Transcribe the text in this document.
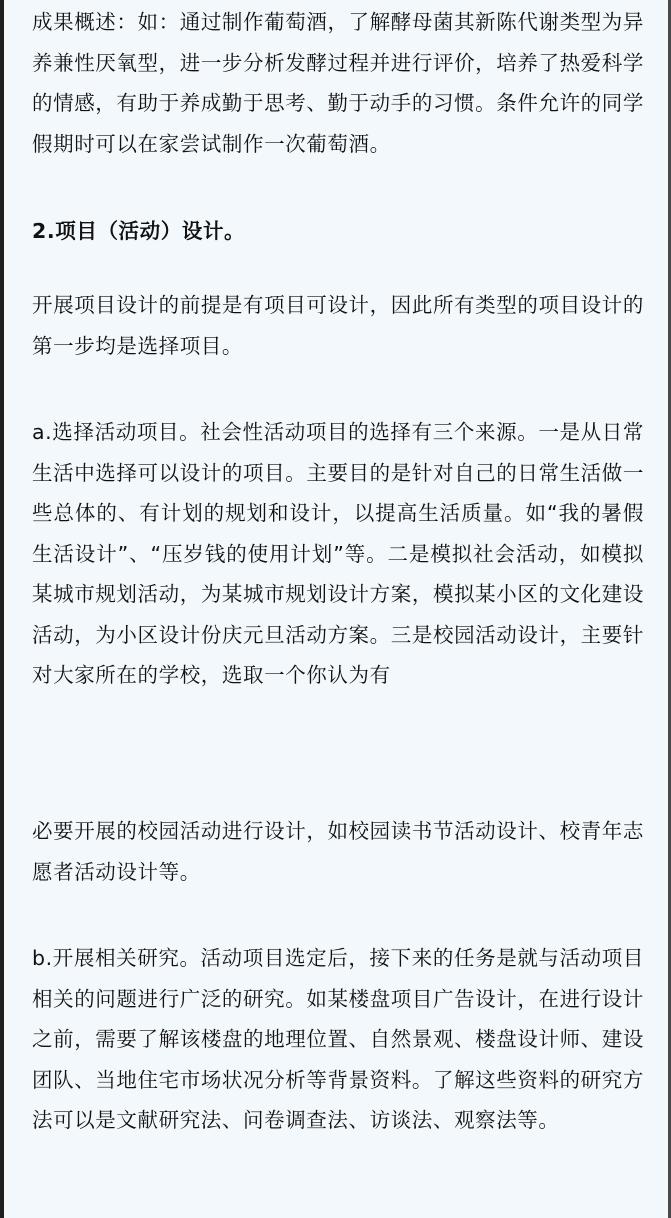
成果概述：如：通过制作葡萄酒，了解酵母菌其新陈代谢类型为异养兼性厌氧型，进一步分析发酵过程并进行评价，培养了热爱科学的情感，有助于养成勤于思考、勤于动手的习惯。条件允许的同学假期时可以在家尝试制作一次葡萄酒。

2.项目（活动）设计。

开展项目设计的前提是有项目可设计，因此所有类型的项目设计的第一步均是选择项目。

a.选择活动项目。社会性活动项目的选择有三个来源。一是从日常生活中选择可以设计的项目。主要目的是针对自己的日常生活做一些总体的、有计划的规划和设计，以提高生活质量。如“我的暑假生活设计”、“压岁钱的使用计划”等。二是模拟社会活动，如模拟某城市规划活动，为某城市规划设计方案，模拟某小区的文化建设活动，为小区设计份庆元旦活动方案。三是校园活动设计，主要针对大家所在的学校，选取一个你认为有

必要开展的校园活动进行设计，如校园读书节活动设计、校青年志愿者活动设计等。

b.开展相关研究。活动项目选定后，接下来的任务是就与活动项目相关的问题进行广泛的研究。如某楼盘项目广告设计，在进行设计之前，需要了解该楼盘的地理位置、自然景观、楼盘设计师、建设团队、当地住宅市场状况分析等背景资料。了解这些资料的研究方法可以是文献研究法、问卷调查法、访谈法、观察法等。
